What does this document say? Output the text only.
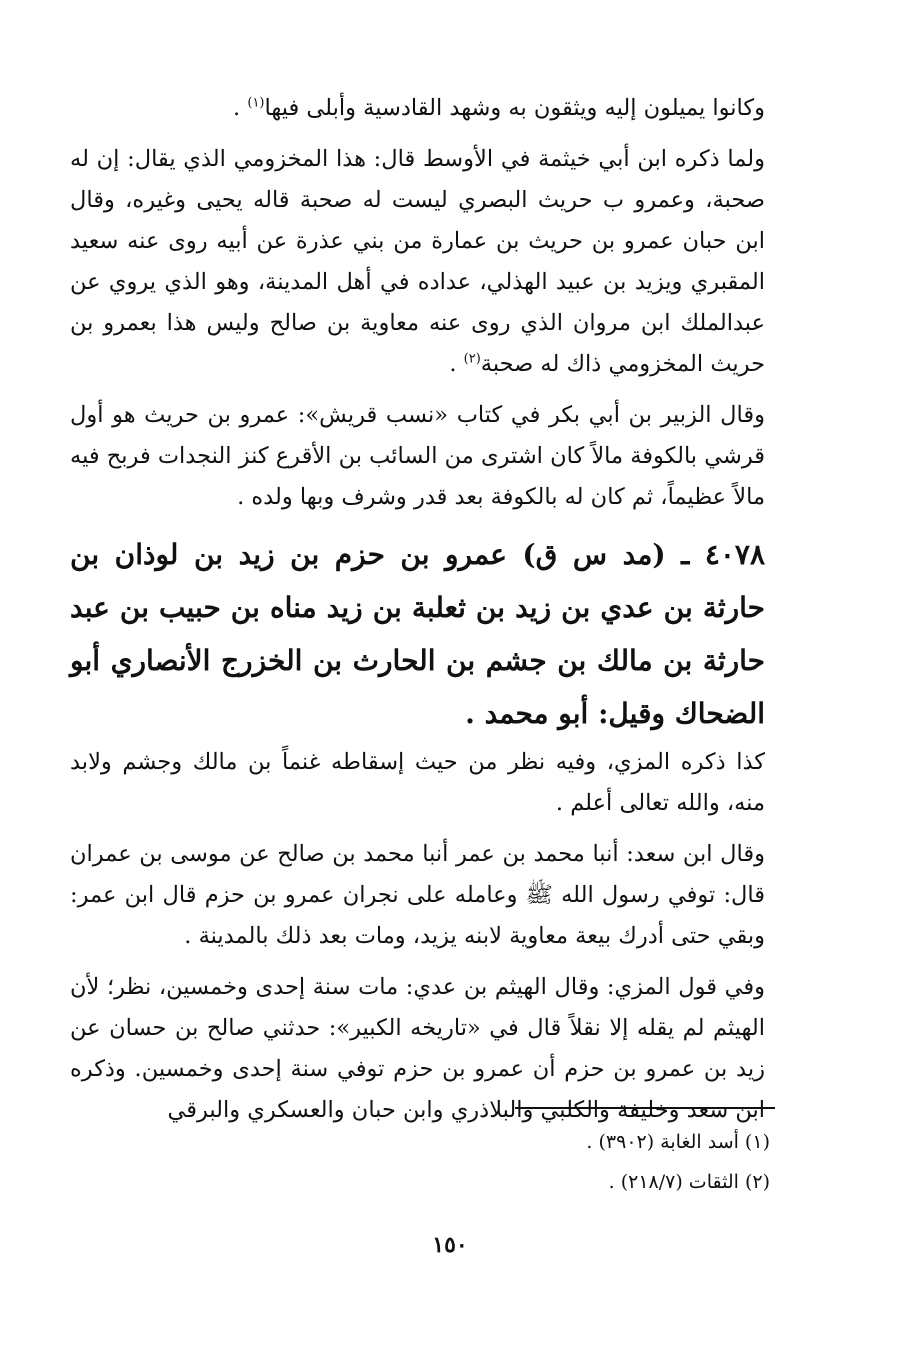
وكانوا يميلون إليه ويثقون به وشهد القادسية وأبلى فيها$^{(١)}$ .

ولما ذكره ابن أبي خيثمة في الأوسط قال: هذا المخزومي الذي يقال: إن له صحبة، وعمرو ب حريث البصري ليست له صحبة قاله يحيى وغيره، وقال ابن حبان عمرو بن حريث بن عمارة من بني عذرة عن أبيه روى عنه سعيد المقبري ويزيد بن عبيد الهذلي، عداده في أهل المدينة، وهو الذي يروي عن عبدالملك ابن مروان الذي روى عنه معاوية بن صالح وليس هذا بعمرو بن حريث المخزومي ذاك له صحبة$^{(٢)}$ .

وقال الزبير بن أبي بكر في كتاب «نسب قريش»: عمرو بن حريث هو أول قرشي بالكوفة مالاً كان اشترى من السائب بن الأقرع كنز النجدات فربح فيه مالاً عظيماً، ثم كان له بالكوفة بعد قدر وشرف وبها ولده .

٤٠٧٨ ـ (مد س ق) عمرو بن حزم بن زيد بن لوذان بن حارثة بن عدي بن زيد بن ثعلبة بن زيد مناه بن حبيب بن عبد حارثة بن مالك بن جشم بن الحارث بن الخزرج الأنصاري أبو الضحاك وقيل: أبو محمد .

كذا ذكره المزي، وفيه نظر من حيث إسقاطه غنماً بن مالك وجشم ولابد منه، والله تعالى أعلم .

وقال ابن سعد: أنبا محمد بن عمر أنبا محمد بن صالح عن موسى بن عمران قال: توفي رسول الله ﷺ وعامله على نجران عمرو بن حزم قال ابن عمر: وبقي حتى أدرك بيعة معاوية لابنه يزيد، ومات بعد ذلك بالمدينة .

وفي قول المزي: وقال الهيثم بن عدي: مات سنة إحدى وخمسين، نظر؛ لأن الهيثم لم يقله إلا نقلاً قال في «تاريخه الكبير»: حدثني صالح بن حسان عن زيد بن عمرو بن حزم أن عمرو بن حزم توفي سنة إحدى وخمسين. وذكره ابن سعد وخليفة والكلبي والبلاذري وابن حبان والعسكري والبرقي

(١) أسد الغابة (٣٩٠٢) .

(٢) الثقات (٢١٨/٧) .

١٥٠
